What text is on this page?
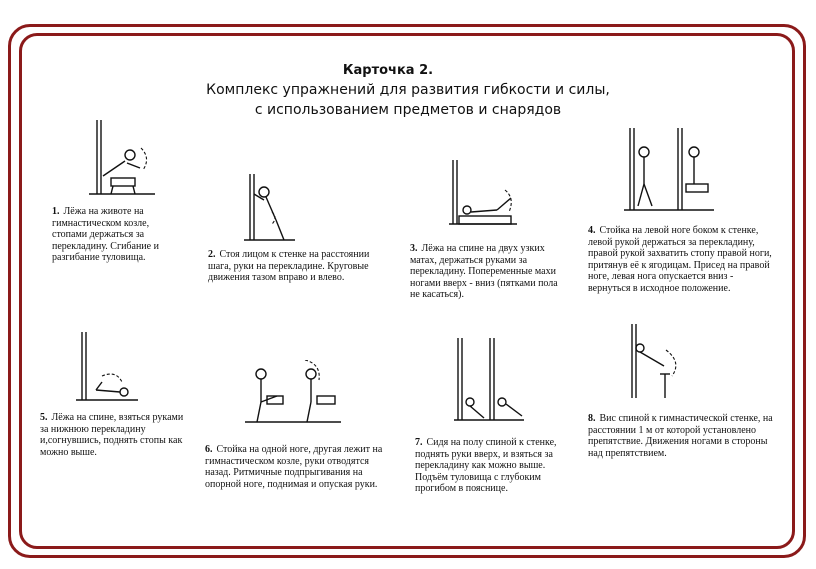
Карточка 2.
Комплекс упражнений для развития гибкости и силы,
с использованием предметов и снарядов
1. Лёжа на животе на гимнастическом козле, стопами держаться за перекладину. Сгибание и разгибание туловища.	2. Стоя лицом к стенке на расстоянии шага, руки на перекладине. Круговые движения тазом вправо и влево.
3. Лёжа на спине на двух узких матах, держаться руками за перекладину. Попеременные махи ногами вверх - вниз (пятками пола не касаться).
4. Стойка на левой ноге боком к стенке, левой рукой держаться за перекладину, правой рукой захватить стопу правой ноги, притянув её к ягодицам. Присед на правой ноге, левая нога опускается вниз - вернуться в исходное положение.
5. Лёжа на спине, взяться руками за нижнюю перекладину и,согнувшись, поднять стопы как можно выше.	6. Стойка на одной ноге, другая лежит на гимнастическом козле, руки отводятся назад. Ритмичные подпрыгивания на опорной ноге, поднимая и опуская руки.
7. Сидя на полу спиной к стенке, поднять руки вверх, и взяться за перекладину как можно выше. Подъём туловища с глубоким прогибом в пояснице.
8. Вис спиной к гимнастической стенке, на расстоянии 1 м от которой установлено препятствие. Движения ногами в стороны над препятствием.
